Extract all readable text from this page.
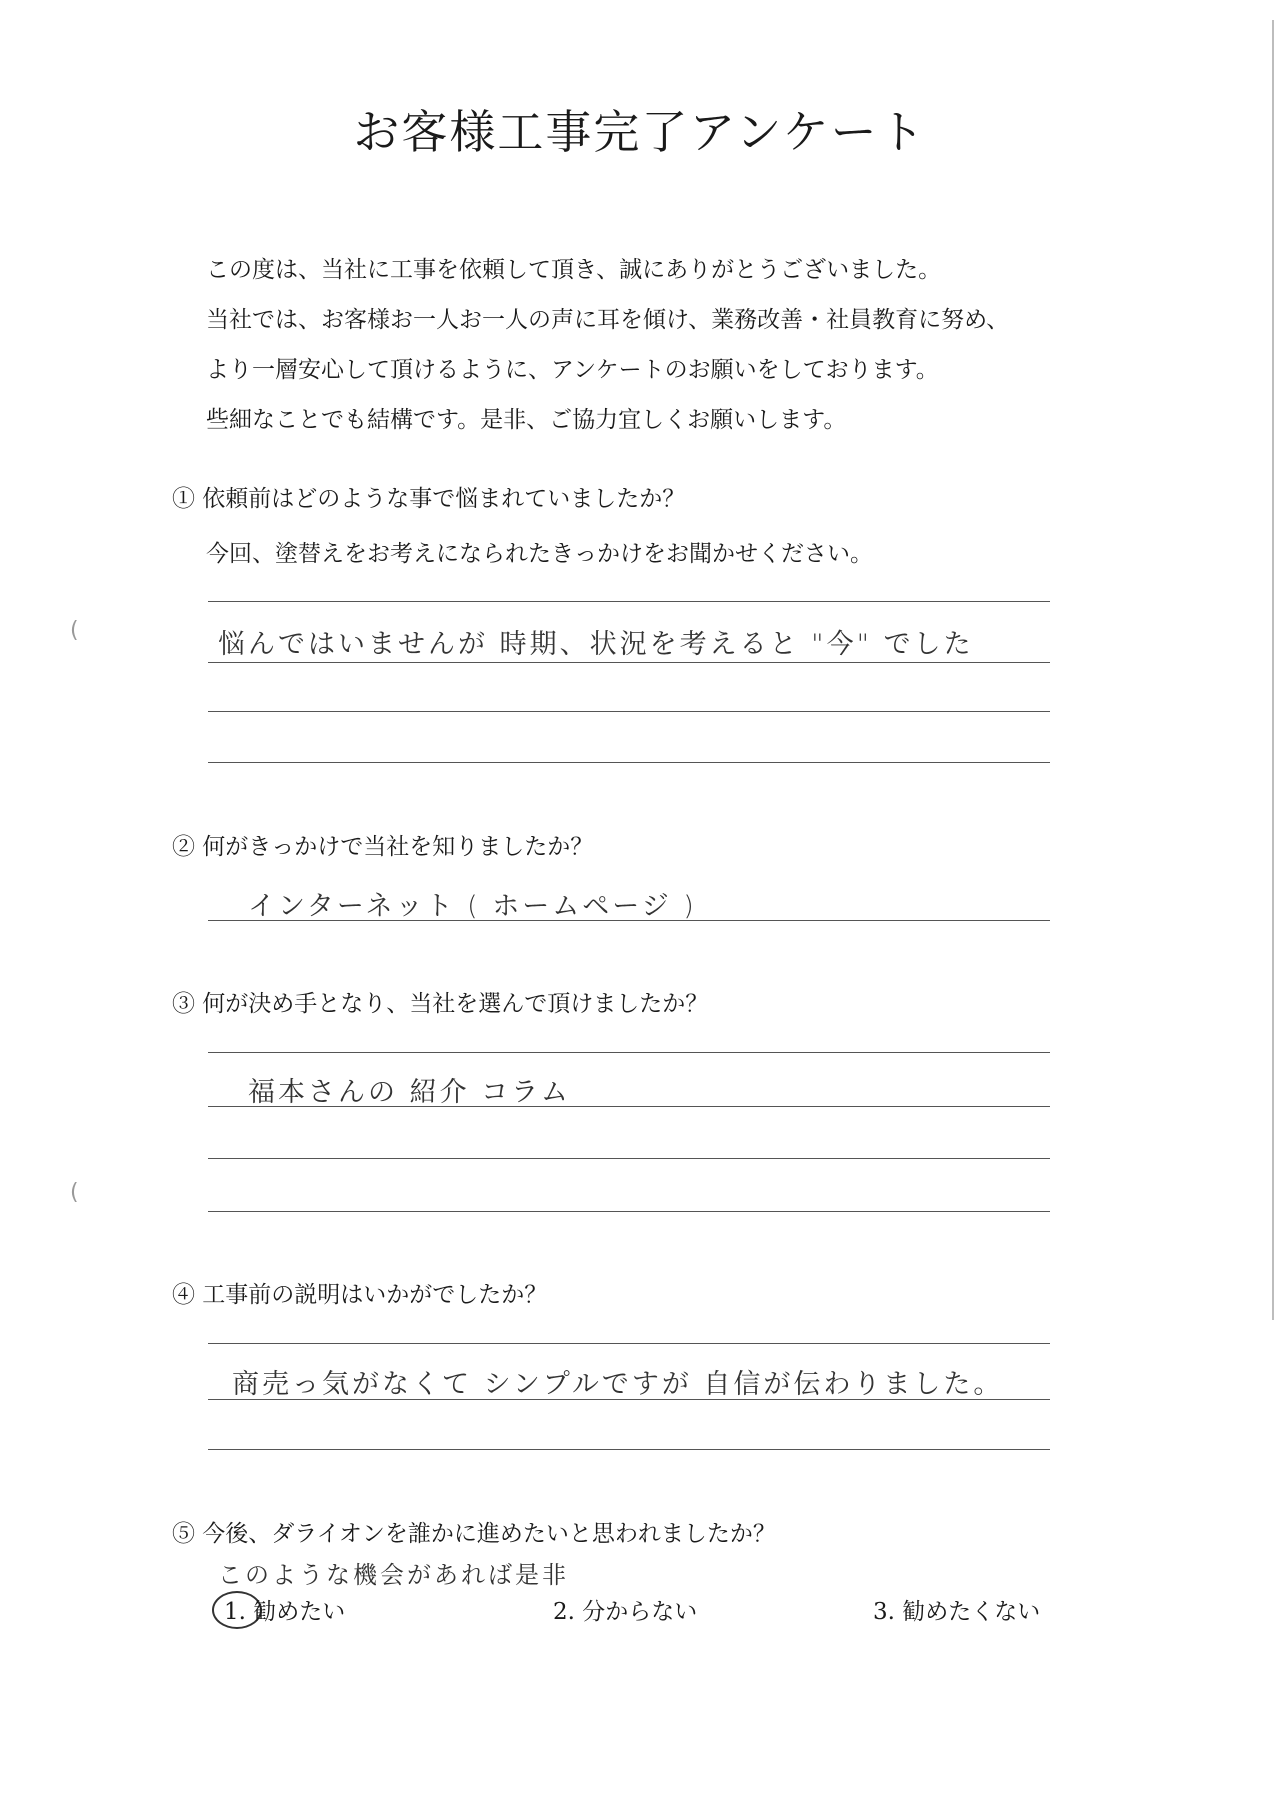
(
(
お客様工事完了アンケート
この度は、当社に工事を依頼して頂き、誠にありがとうございました。
当社では、お客様お一人お一人の声に耳を傾け、業務改善・社員教育に努め、
より一層安心して頂けるように、アンケートのお願いをしております。
些細なことでも結構です。是非、ご協力宜しくお願いします。
① 依頼前はどのような事で悩まれていましたか？
今回、塗替えをお考えになられたきっかけをお聞かせください。
悩んではいませんが 時期、状況を考えると "今" でした
② 何がきっかけで当社を知りましたか？
インターネット ( ホームページ )
③ 何が決め手となり、当社を選んで頂けましたか？
福本さんの 紹介 コラム
④ 工事前の説明はいかがでしたか？
商売っ気がなくて シンプルですが 自信が伝わりました。
⑤ 今後、ダライオンを誰かに進めたいと思われましたか？
このような機会があれば是非
1. 勧めたい	2. 分からない	3. 勧めたくない
